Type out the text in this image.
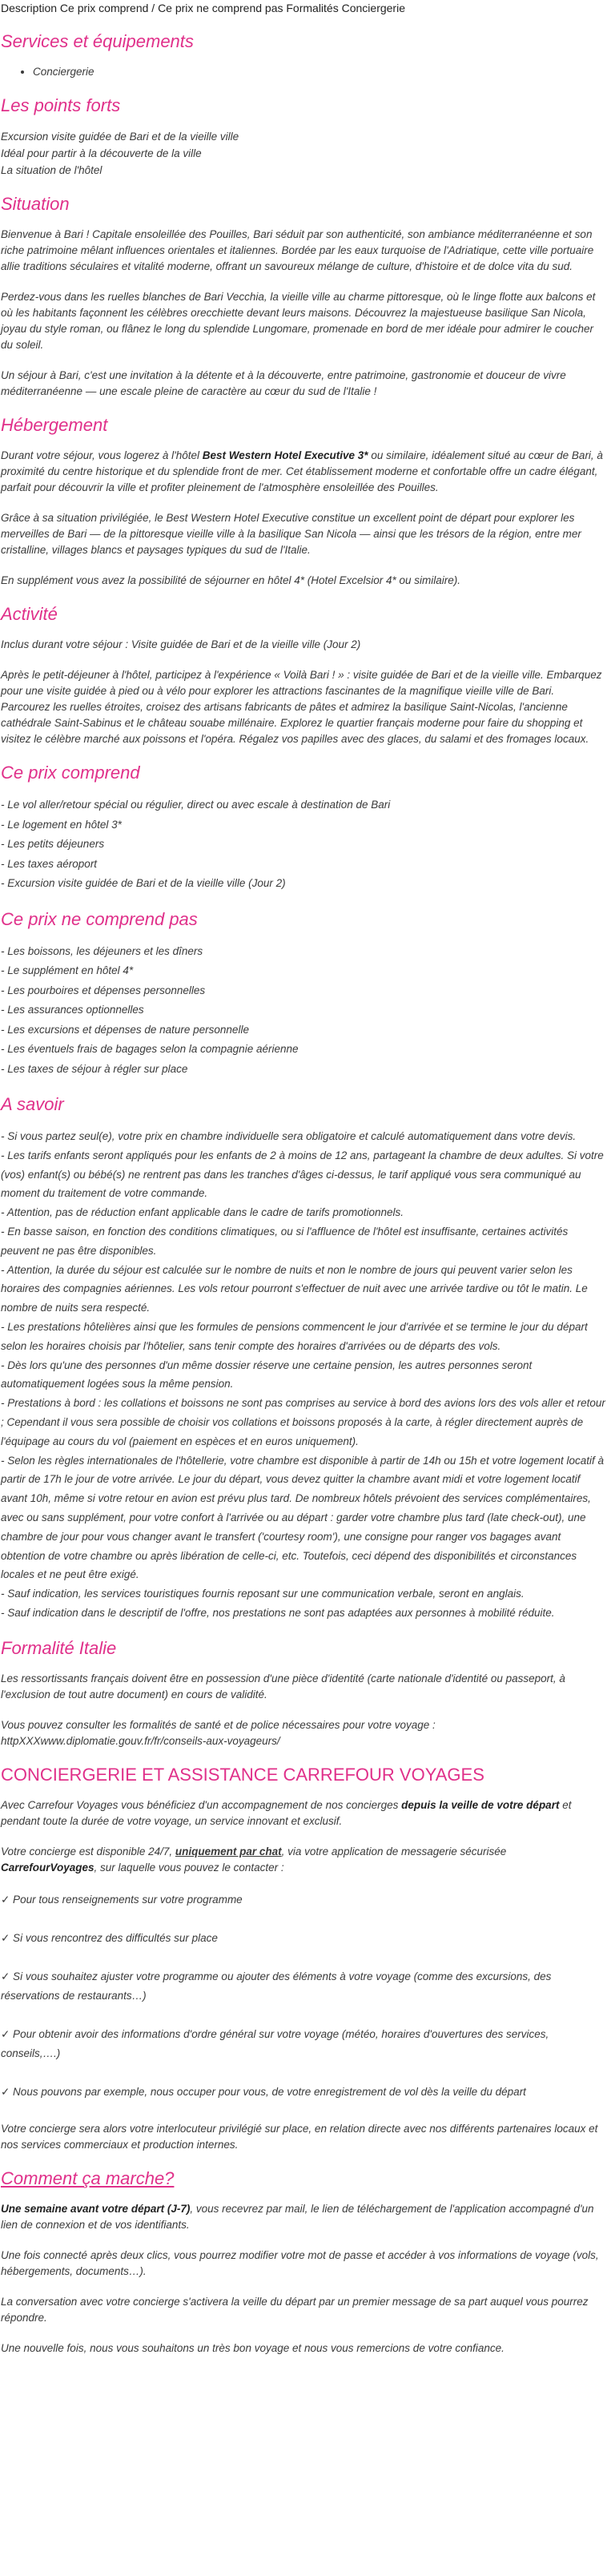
Description Ce prix comprend / Ce prix ne comprend pas Formalités Conciergerie
Services et équipements
• Conciergerie
Les points forts
Excursion visite guidée de Bari et de la vieille ville
Idéal pour partir à la découverte de la ville
La situation de l'hôtel
Situation

Bienvenue à Bari ! Capitale ensoleillée des Pouilles, Bari séduit par son authenticité, son ambiance méditerranéenne et son riche patrimoine mêlant influences orientales et italiennes. Bordée par les eaux turquoise de l'Adriatique, cette ville portuaire allie traditions séculaires et vitalité moderne, offrant un savoureux mélange de culture, d'histoire et de dolce vita du sud.

Perdez-vous dans les ruelles blanches de Bari Vecchia, la vieille ville au charme pittoresque, où le linge flotte aux balcons et où les habitants façonnent les célèbres orecchiette devant leurs maisons. Découvrez la majestueuse basilique San Nicola, joyau du style roman, ou flânez le long du splendide Lungomare, promenade en bord de mer idéale pour admirer le coucher du soleil.

Un séjour à Bari, c'est une invitation à la détente et à la découverte, entre patrimoine, gastronomie et douceur de vivre méditerranéenne — une escale pleine de caractère au cœur du sud de l'Italie !

Hébergement

Durant votre séjour, vous logerez à l'hôtel Best Western Hotel Executive 3* ou similaire, idéalement situé au cœur de Bari, à proximité du centre historique et du splendide front de mer. Cet établissement moderne et confortable offre un cadre élégant, parfait pour découvrir la ville et profiter pleinement de l'atmosphère ensoleillée des Pouilles.

Grâce à sa situation privilégiée, le Best Western Hotel Executive constitue un excellent point de départ pour explorer les merveilles de Bari — de la pittoresque vieille ville à la basilique San Nicola — ainsi que les trésors de la région, entre mer cristalline, villages blancs et paysages typiques du sud de l'Italie.

En supplément vous avez la possibilité de séjourner en hôtel 4* (Hotel Excelsior 4* ou similaire).

Activité

Inclus durant votre séjour : Visite guidée de Bari et de la vieille ville (Jour 2)

Après le petit-déjeuner à l'hôtel, participez à l'expérience « Voilà Bari ! » : visite guidée de Bari et de la vieille ville. Embarquez pour une visite guidée à pied ou à vélo pour explorer les attractions fascinantes de la magnifique vieille ville de Bari. Parcourez les ruelles étroites, croisez des artisans fabricants de pâtes et admirez la basilique Saint-Nicolas, l'ancienne cathédrale Saint-Sabinus et le château souabe millénaire. Explorez le quartier français moderne pour faire du shopping et visitez le célèbre marché aux poissons et l'opéra. Régalez vos papilles avec des glaces, du salami et des fromages locaux.

Ce prix comprend
- Le vol aller/retour spécial ou régulier, direct ou avec escale à destination de Bari
- Le logement en hôtel 3*
- Les petits déjeuners
- Les taxes aéroport
- Excursion visite guidée de Bari et de la vieille ville (Jour 2)
Ce prix ne comprend pas
- Les boissons, les déjeuners et les dîners
- Le supplément en hôtel 4*
- Les pourboires et dépenses personnelles
- Les assurances optionnelles
- Les excursions et dépenses de nature personnelle
- Les éventuels frais de bagages selon la compagnie aérienne
- Les taxes de séjour à régler sur place
A savoir
- Si vous partez seul(e), votre prix en chambre individuelle sera obligatoire et calculé automatiquement dans votre devis.
- Les tarifs enfants seront appliqués pour les enfants de 2 à moins de 12 ans, partageant la chambre de deux adultes. Si votre (vos) enfant(s) ou bébé(s) ne rentrent pas dans les tranches d'âges ci-dessus, le tarif appliqué vous sera communiqué au moment du traitement de votre commande.
- Attention, pas de réduction enfant applicable dans le cadre de tarifs promotionnels.
- En basse saison, en fonction des conditions climatiques, ou si l'affluence de l'hôtel est insuffisante, certaines activités peuvent ne pas être disponibles.
- Attention, la durée du séjour est calculée sur le nombre de nuits et non le nombre de jours qui peuvent varier selon les horaires des compagnies aériennes. Les vols retour pourront s'effectuer de nuit avec une arrivée tardive ou tôt le matin. Le nombre de nuits sera respecté.
- Les prestations hôtelières ainsi que les formules de pensions commencent le jour d'arrivée et se termine le jour du départ selon les horaires choisis par l'hôtelier, sans tenir compte des horaires d'arrivées ou de départs des vols.
- Dès lors qu'une des personnes d'un même dossier réserve une certaine pension, les autres personnes seront automatiquement logées sous la même pension.
- Prestations à bord : les collations et boissons ne sont pas comprises au service à bord des avions lors des vols aller et retour ; Cependant il vous sera possible de choisir vos collations et boissons proposés à la carte, à régler directement auprès de l'équipage au cours du vol (paiement en espèces et en euros uniquement).
- Selon les règles internationales de l'hôtellerie, votre chambre est disponible à partir de 14h ou 15h et votre logement locatif à partir de 17h le jour de votre arrivée. Le jour du départ, vous devez quitter la chambre avant midi et votre logement locatif avant 10h, même si votre retour en avion est prévu plus tard. De nombreux hôtels prévoient des services complémentaires, avec ou sans supplément, pour votre confort à l'arrivée ou au départ : garder votre chambre plus tard (late check-out), une chambre de jour pour vous changer avant le transfert ('courtesy room'), une consigne pour ranger vos bagages avant obtention de votre chambre ou après libération de celle-ci, etc. Toutefois, ceci dépend des disponibilités et circonstances locales et ne peut être exigé.
- Sauf indication, les services touristiques fournis reposant sur une communication verbale, seront en anglais.
- Sauf indication dans le descriptif de l'offre, nos prestations ne sont pas adaptées aux personnes à mobilité réduite.
Formalité Italie

Les ressortissants français doivent être en possession d'une pièce d'identité (carte nationale d'identité ou passeport, à l'exclusion de tout autre document) en cours de validité.

Vous pouvez consulter les formalités de santé et de police nécessaires pour votre voyage : httpXXXwww.diplomatie.gouv.fr/fr/conseils-aux-voyageurs/

CONCIERGERIE ET ASSISTANCE CARREFOUR VOYAGES

Avec Carrefour Voyages vous bénéficiez d'un accompagnement de nos concierges depuis la veille de votre départ et pendant toute la durée de votre voyage, un service innovant et exclusif.

Votre concierge est disponible 24/7, uniquement par chat, via votre application de messagerie sécurisée CarrefourVoyages, sur laquelle vous pouvez le contacter :

✓ Pour tous renseignements sur votre programme
✓ Si vous rencontrez des difficultés sur place
✓ Si vous souhaitez ajuster votre programme ou ajouter des éléments à votre voyage (comme des excursions, des réservations de restaurants…)
✓ Pour obtenir avoir des informations d'ordre général sur votre voyage (météo, horaires d'ouvertures des services, conseils,….)
✓ Nous pouvons par exemple, nous occuper pour vous, de votre enregistrement de vol dès la veille du départ

Votre concierge sera alors votre interlocuteur privilégié sur place, en relation directe avec nos différents partenaires locaux et nos services commerciaux et production internes.

Comment ça marche?

Une semaine avant votre départ (J-7), vous recevrez par mail, le lien de téléchargement de l'application accompagné d'un lien de connexion et de vos identifiants.

Une fois connecté après deux clics, vous pourrez modifier votre mot de passe et accéder à vos informations de voyage (vols, hébergements, documents…).

La conversation avec votre concierge s'activera la veille du départ par un premier message de sa part auquel vous pourrez répondre.

Une nouvelle fois, nous vous souhaitons un très bon voyage et nous vous remercions de votre confiance.
